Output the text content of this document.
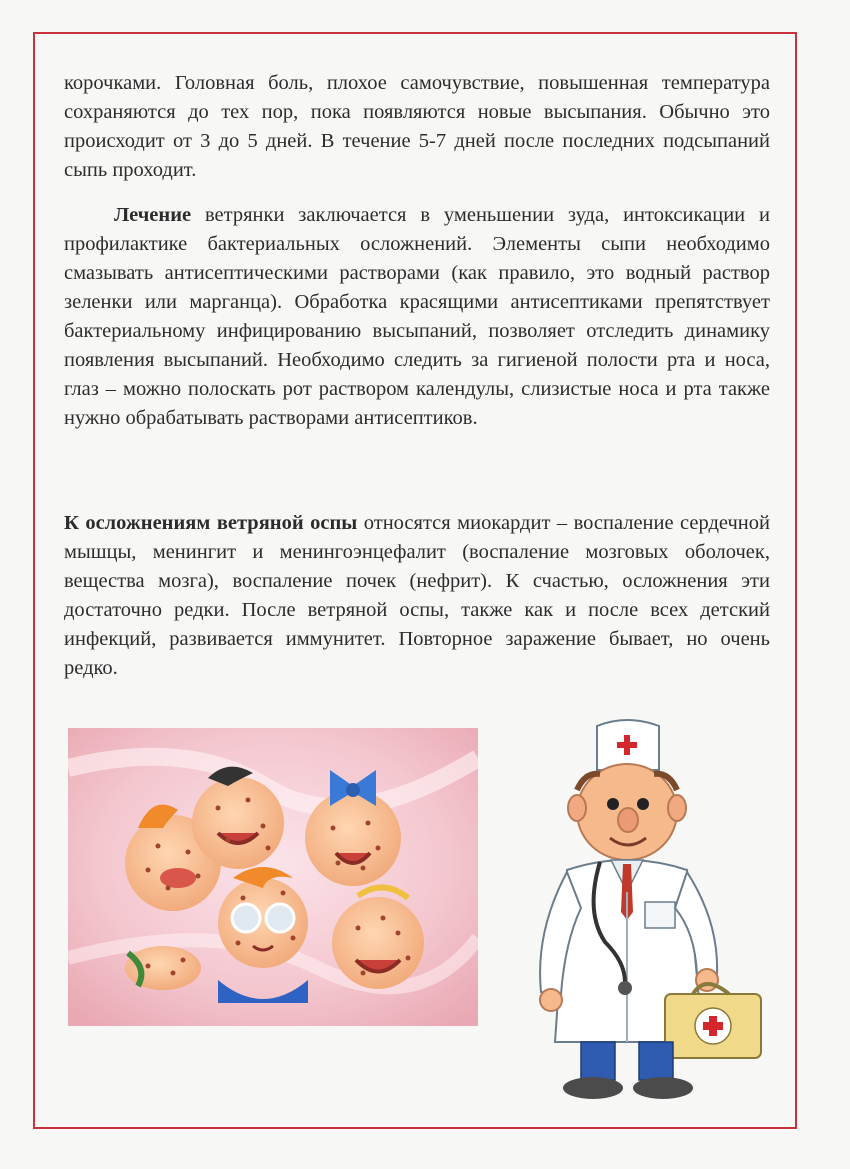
корочками. Головная боль, плохое самочувствие, повышенная температура сохраняются до тех пор, пока появляются новые высыпания. Обычно это происходит от 3 до 5 дней. В течение 5-7 дней после последних подсыпаний сыпь проходит.

Лечение ветрянки заключается в уменьшении зуда, интоксикации и профилактике бактериальных осложнений. Элементы сыпи необходимо смазывать антисептическими растворами (как правило, это водный раствор зеленки или марганца). Обработка красящими антисептиками препятствует бактериальному инфицированию высыпаний, позволяет отследить динамику появления высыпаний. Необходимо следить за гигиеной полости рта и носа, глаз – можно полоскать рот раствором календулы, слизистые носа и рта также нужно обрабатывать растворами антисептиков.

К осложнениям ветряной оспы относятся миокардит – воспаление сердечной мышцы, менингит и менингоэнцефалит (воспаление мозговых оболочек, вещества мозга), воспаление почек (нефрит). К счастью, осложнения эти достаточно редки. После ветряной оспы, также как и после всех детский инфекций, развивается иммунитет. Повторное заражение бывает, но очень редко.
